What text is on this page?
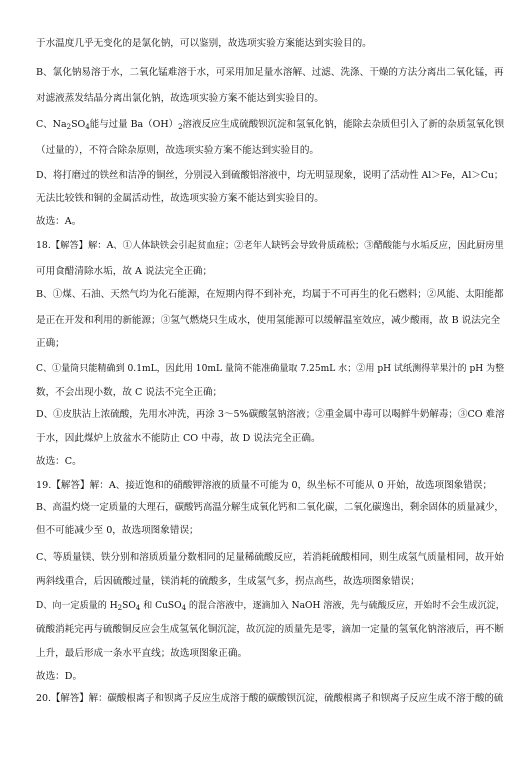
于水温度几乎无变化的是氯化钠，可以鉴别，故选项实验方案能达到实验目的。
B、氯化钠易溶于水，二氧化锰难溶于水，可采用加足量水溶解、过滤、洗涤、干燥的方法分离出二氧化锰，再
对滤液蒸发结晶分离出氯化钠，故选项实验方案不能达到实验目的。
C、$Na_2SO_4$能与过量 $Ba(OH)_2$溶液反应生成硫酸钡沉淀和氢氧化钠，能除去杂质但引入了新的杂质氢氧化钡
（过量的），不符合除杂原则，故选项实验方案不能达到实验目的。
D、将打磨过的铁丝和洁净的铜丝，分别浸入到硫酸铝溶液中，均无明显现象，说明了活动性 Al＞Fe，Al＞Cu；
无法比较铁和铜的金属活动性，故选项实验方案不能达到实验目的。
故选：A。
18.【解答】解：A、①人体缺铁会引起贫血症；②老年人缺钙会导致骨质疏松；③醋酸能与水垢反应，因此厨房里
可用食醋清除水垢，故 A 说法完全正确；
B、①煤、石油、天然气均为化石能源，在短期内得不到补充，均属于不可再生的化石燃料；②风能、太阳能都
是正在开发和利用的新能源；③氢气燃烧只生成水，使用氢能源可以缓解温室效应，减少酸雨，故 B 说法完全
正确；
C、①量筒只能精确到 0.1mL，因此用 10mL 量筒不能准确量取 7.25mL 水；②用 pH 试纸测得苹果汁的 pH 为整
数，不会出现小数，故 C 说法不完全正确；
D、①皮肤沾上浓硫酸，先用水冲洗，再涂 3～5%碳酸氢钠溶液；②重金属中毒可以喝鲜牛奶解毒；③CO 难溶
于水，因此煤炉上放盆水不能防止 CO 中毒，故 D 说法完全正确。
故选：C。
19.【解答】解：A、接近饱和的硝酸钾溶液的质量不可能为 0，纵坐标不可能从 0 开始，故选项图象错误；
B、高温灼烧一定质量的大理石，碳酸钙高温分解生成氧化钙和二氧化碳，二氧化碳逸出，剩余固体的质量减少，
但不可能减少至 0，故选项图象错误；
C、等质量镁、铁分别和溶质质量分数相同的足量稀硫酸反应，若消耗硫酸相同，则生成氢气质量相同，故开始
两斜线重合，后因硫酸过量，镁消耗的硫酸多，生成氢气多，拐点高些，故选项图象错误；
D、向一定质量的 $H_2SO_4$ 和 CuSO$_4$ 的混合溶液中，逐滴加入 NaOH 溶液，先与硫酸反应，开始时不会生成沉淀，
硫酸消耗完再与硫酸铜反应会生成氢氧化铜沉淀，故沉淀的质量先是零，滴加一定量的氢氧化钠溶液后，再不断
上升，最后形成一条水平直线；故选项图象正确。
故选：D。
20.【解答】解：碳酸根离子和钡离子反应生成溶于酸的碳酸钡沉淀，硫酸根离子和钡离子反应生成不溶于酸的硫
